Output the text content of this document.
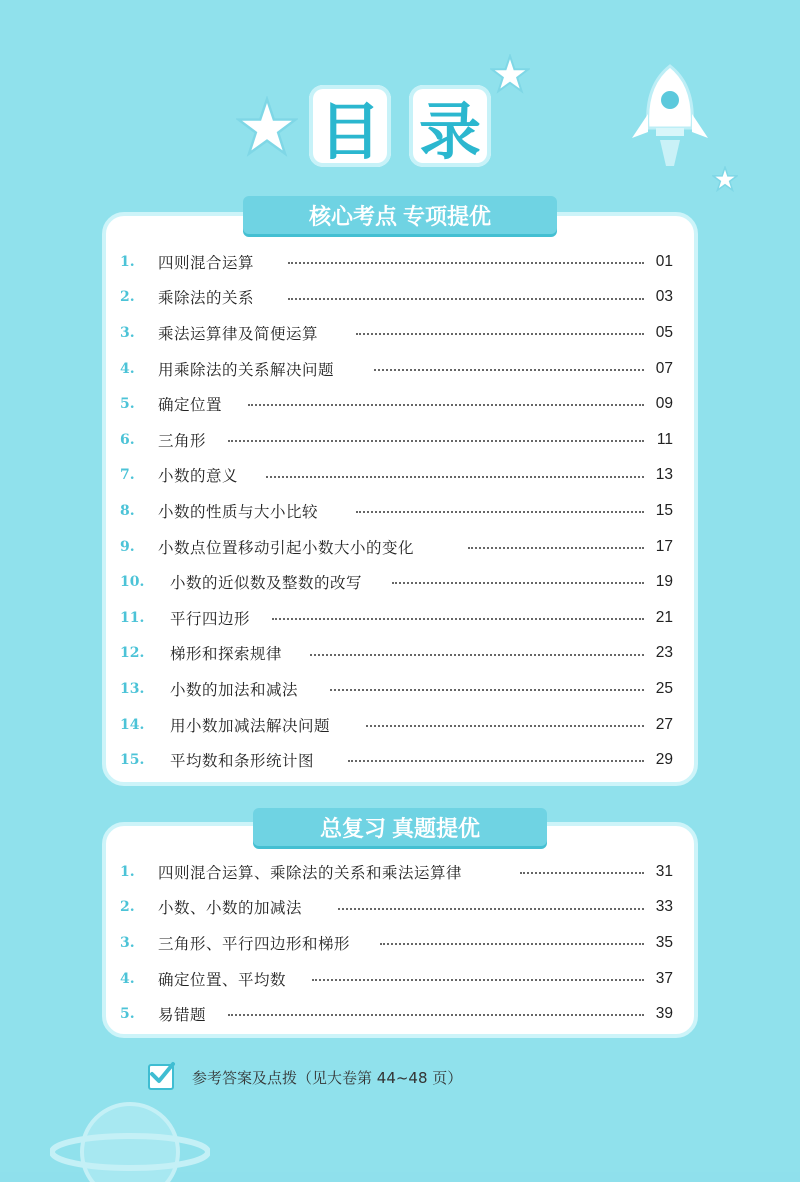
目 录
核心考点 专项提优
1. 四则混合运算	01
2. 乘除法的关系	03
3. 乘法运算律及简便运算	05
4. 用乘除法的关系解决问题	07
5. 确定位置	09
6. 三角形	11
7. 小数的意义	13
8. 小数的性质与大小比较	15
9. 小数点位置移动引起小数大小的变化	17
10. 小数的近似数及整数的改写	19
11. 平行四边形	21
12. 梯形和探索规律	23
13. 小数的加法和减法	25
14. 用小数加减法解决问题	27
15. 平均数和条形统计图	29
总复习 真题提优
1. 四则混合运算、乘除法的关系和乘法运算律	31
2. 小数、小数的加减法	33
3. 三角形、平行四边形和梯形	35
4. 确定位置、平均数	37
5. 易错题	39
参考答案及点拨（见大卷第 44~48 页）
